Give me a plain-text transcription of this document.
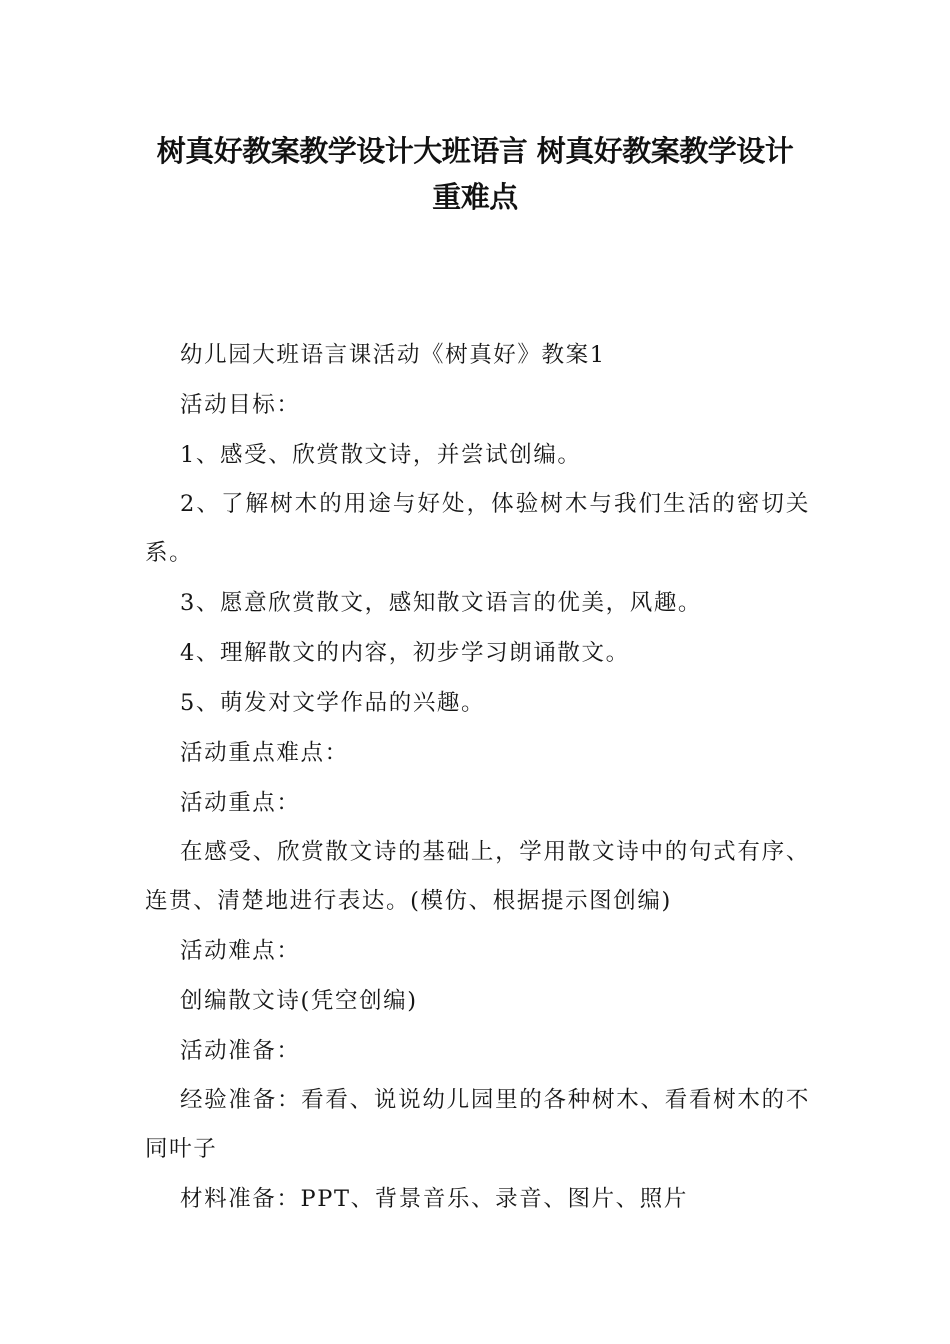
树真好教案教学设计大班语言 树真好教案教学设计
重难点

幼儿园大班语言课活动《树真好》教案1

活动目标：

1、感受、欣赏散文诗，并尝试创编。

2、了解树木的用途与好处，体验树木与我们生活的密切关系。

3、愿意欣赏散文，感知散文语言的优美，风趣。

4、理解散文的内容，初步学习朗诵散文。

5、萌发对文学作品的兴趣。

活动重点难点：

活动重点：

在感受、欣赏散文诗的基础上，学用散文诗中的句式有序、连贯、清楚地进行表达。(模仿、根据提示图创编)

活动难点：

创编散文诗(凭空创编)

活动准备：

经验准备：看看、说说幼儿园里的各种树木、看看树木的不同叶子

材料准备：PPT、背景音乐、录音、图片、照片
